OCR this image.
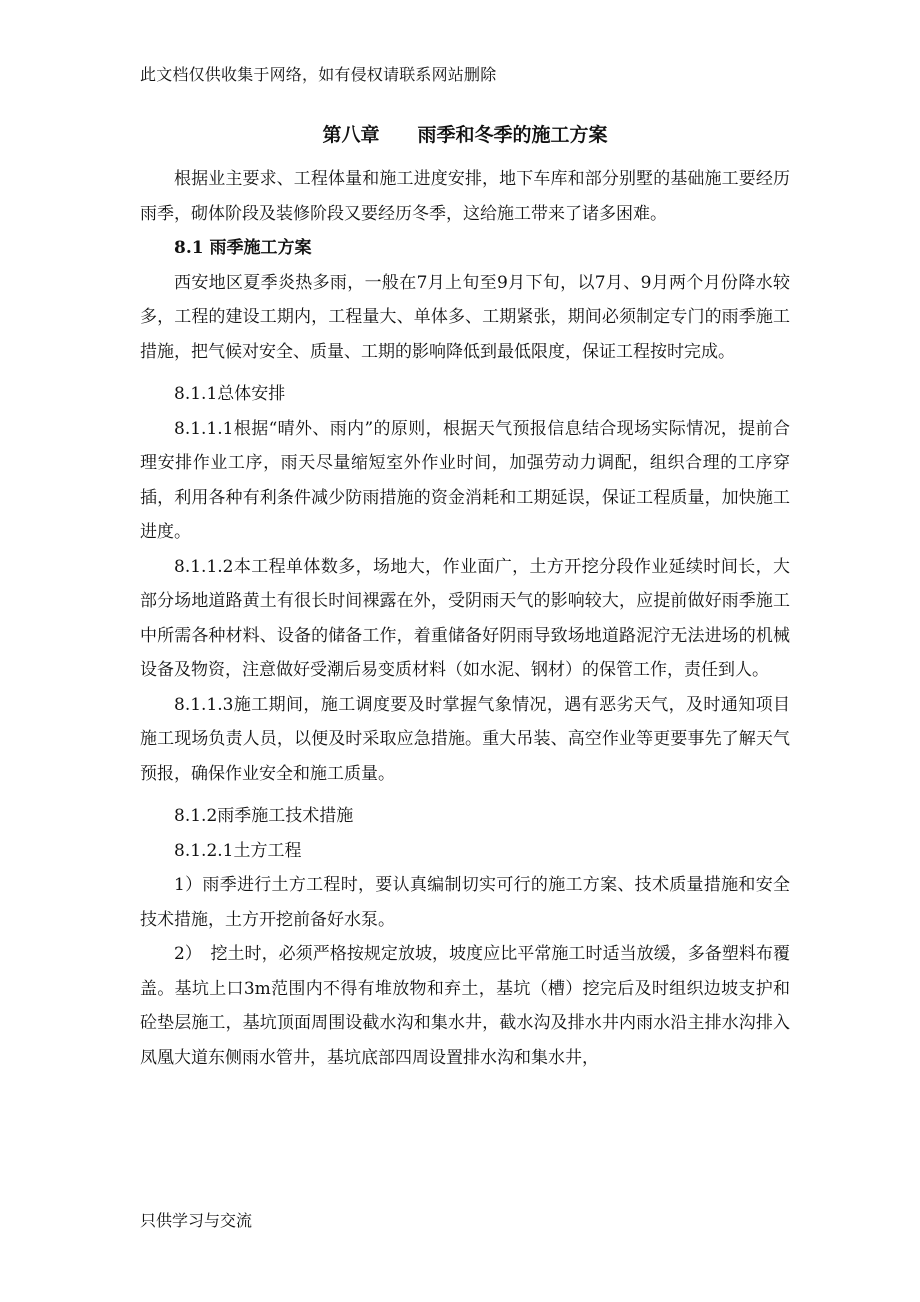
此文档仅供收集于网络，如有侵权请联系网站删除
第八章　　雨季和冬季的施工方案

根据业主要求、工程体量和施工进度安排，地下车库和部分别墅的基础施工要经历雨季，砌体阶段及装修阶段又要经历冬季，这给施工带来了诸多困难。

8.1 雨季施工方案

西安地区夏季炎热多雨，一般在7月上旬至9月下旬，以7月、9月两个月份降水较多，工程的建设工期内，工程量大、单体多、工期紧张，期间必须制定专门的雨季施工措施，把气候对安全、质量、工期的影响降低到最低限度，保证工程按时完成。

8.1.1总体安排

8.1.1.1根据“晴外、雨内”的原则，根据天气预报信息结合现场实际情况，提前合理安排作业工序，雨天尽量缩短室外作业时间，加强劳动力调配，组织合理的工序穿插，利用各种有利条件减少防雨措施的资金消耗和工期延误，保证工程质量，加快施工进度。

8.1.1.2本工程单体数多，场地大，作业面广，土方开挖分段作业延续时间长，大部分场地道路黄土有很长时间裸露在外，受阴雨天气的影响较大，应提前做好雨季施工中所需各种材料、设备的储备工作，着重储备好阴雨导致场地道路泥泞无法进场的机械设备及物资，注意做好受潮后易变质材料（如水泥、钢材）的保管工作，责任到人。

8.1.1.3施工期间，施工调度要及时掌握气象情况，遇有恶劣天气，及时通知项目施工现场负责人员，以便及时采取应急措施。重大吊装、高空作业等更要事先了解天气预报，确保作业安全和施工质量。

8.1.2雨季施工技术措施

8.1.2.1土方工程

1）雨季进行土方工程时，要认真编制切实可行的施工方案、技术质量措施和安全技术措施，土方开挖前备好水泵。

2）　挖土时，必须严格按规定放坡，坡度应比平常施工时适当放缓，多备塑料布覆盖。基坑上口3m范围内不得有堆放物和弃土，基坑（槽）挖完后及时组织边坡支护和砼垫层施工，基坑顶面周围设截水沟和集水井，截水沟及排水井内雨水沿主排水沟排入凤凰大道东侧雨水管井，基坑底部四周设置排水沟和集水井，

只供学习与交流
